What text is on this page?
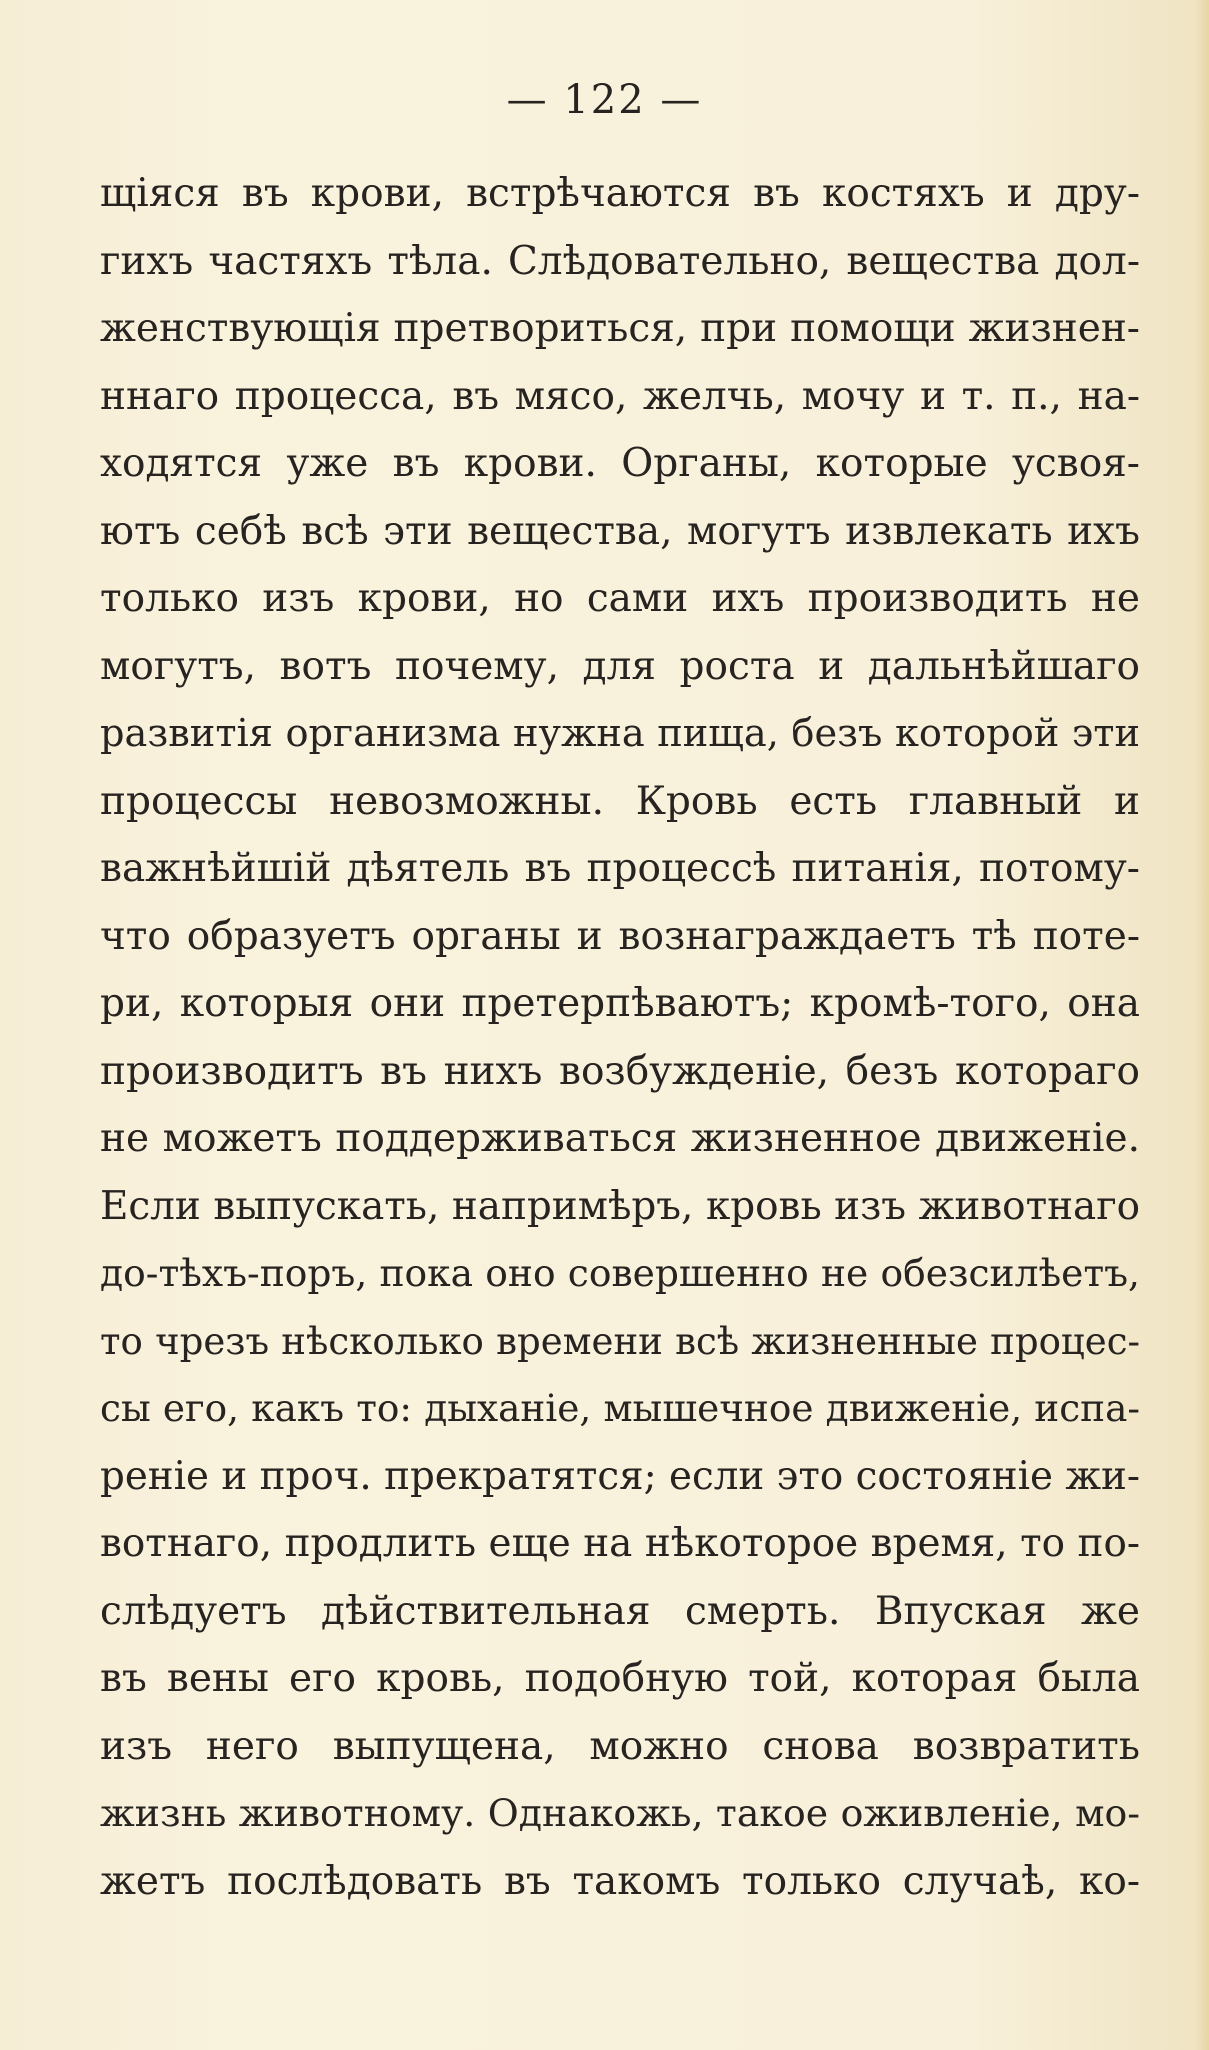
— 122 —
щіяся въ крови, встрѣчаются въ костяхъ и дру-
гихъ частяхъ тѣла. Слѣдовательно, вещества дол-
женствующія претвориться, при помощи жизнен-
ннаго процесса, въ мясо, желчь, мочу и т. п., на-
ходятся уже въ крови. Органы, которые усвоя-
ютъ себѣ всѣ эти вещества, могутъ извлекать ихъ
только изъ крови, но сами ихъ производить не
могутъ, вотъ почему, для роста и дальнѣйшаго
развитія организма нужна пища, безъ которой эти
процессы невозможны. Кровь есть главный и
важнѣйшій дѣятель въ процессѣ питанія, потому-
что образуетъ органы и вознаграждаетъ тѣ поте-
ри, которыя они претерпѣваютъ; кромѣ-того, она
производитъ въ нихъ возбужденіе, безъ котораго
не можетъ поддерживаться жизненное движеніе.
Если выпускать, напримѣръ, кровь изъ животнаго
до-тѣхъ-поръ, пока оно совершенно не обезсилѣетъ,
то чрезъ нѣсколько времени всѣ жизненные процес-
сы его, какъ то: дыханіе, мышечное движеніе, испа-
реніе и проч. прекратятся; если это состояніе жи-
вотнаго, продлить еще на нѣкоторое время, то по-
слѣдуетъ дѣйствительная смерть. Впуская же
въ вены его кровь, подобную той, которая была
изъ него выпущена, можно снова возвратить
жизнь животному. Однакожь, такое оживленіе, мо-
жетъ послѣдовать въ такомъ только случаѣ, ко-
